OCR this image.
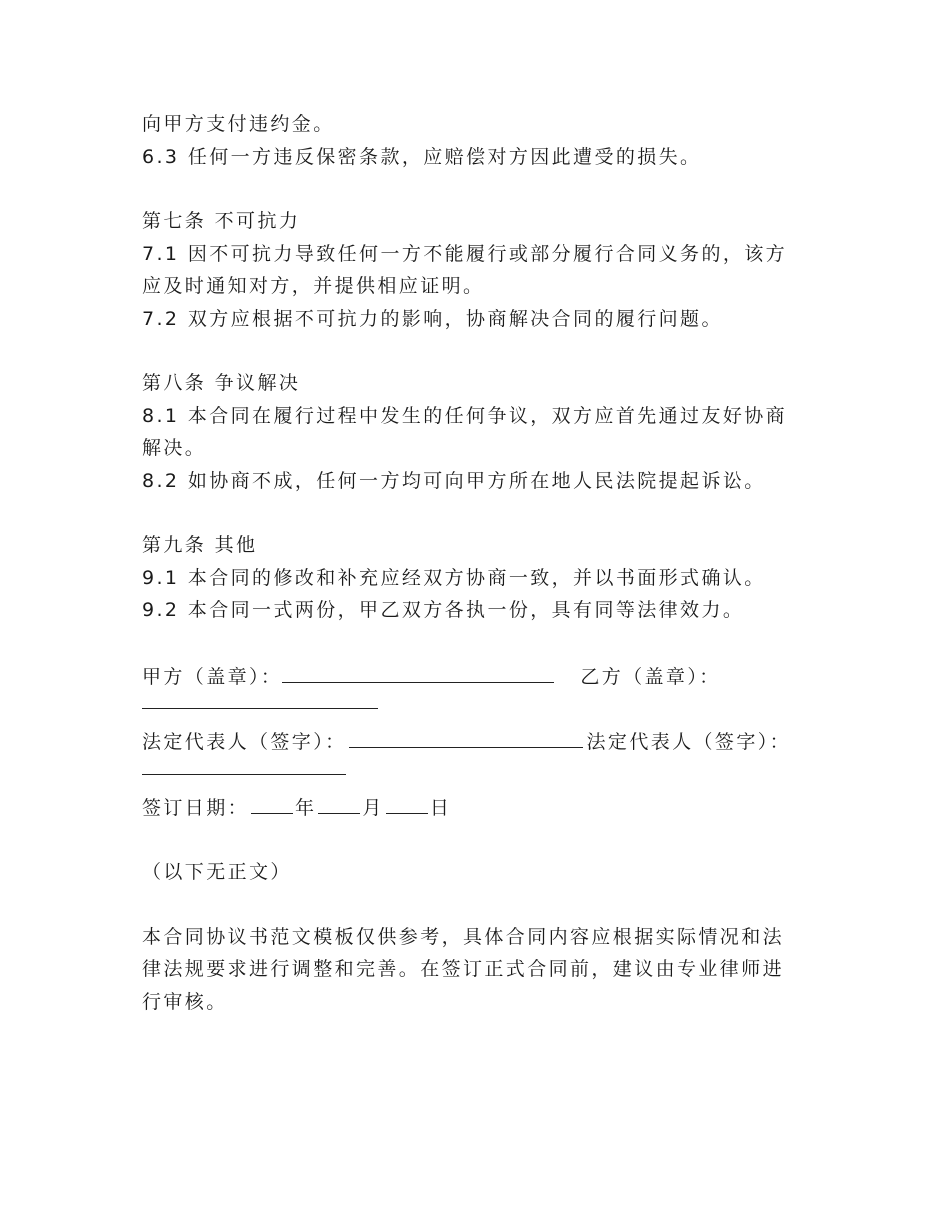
向甲方支付违约金。
6.3 任何一方违反保密条款，应赔偿对方因此遭受的损失。
第七条 不可抗力
7.1 因不可抗力导致任何一方不能履行或部分履行合同义务的，该方
应及时通知对方，并提供相应证明。
7.2 双方应根据不可抗力的影响，协商解决合同的履行问题。
第八条 争议解决
8.1 本合同在履行过程中发生的任何争议，双方应首先通过友好协商
解决。
8.2 如协商不成，任何一方均可向甲方所在地人民法院提起诉讼。
第九条 其他
9.1 本合同的修改和补充应经双方协商一致，并以书面形式确认。
9.2 本合同一式两份，甲乙双方各执一份，具有同等法律效力。
甲方（盖章）：	乙方（盖章）：
法定代表人（签字）：	法定代表人（签字）：
签订日期： 年 月 日
（以下无正文）
本合同协议书范文模板仅供参考，具体合同内容应根据实际情况和法
律法规要求进行调整和完善。在签订正式合同前，建议由专业律师进
行审核。
